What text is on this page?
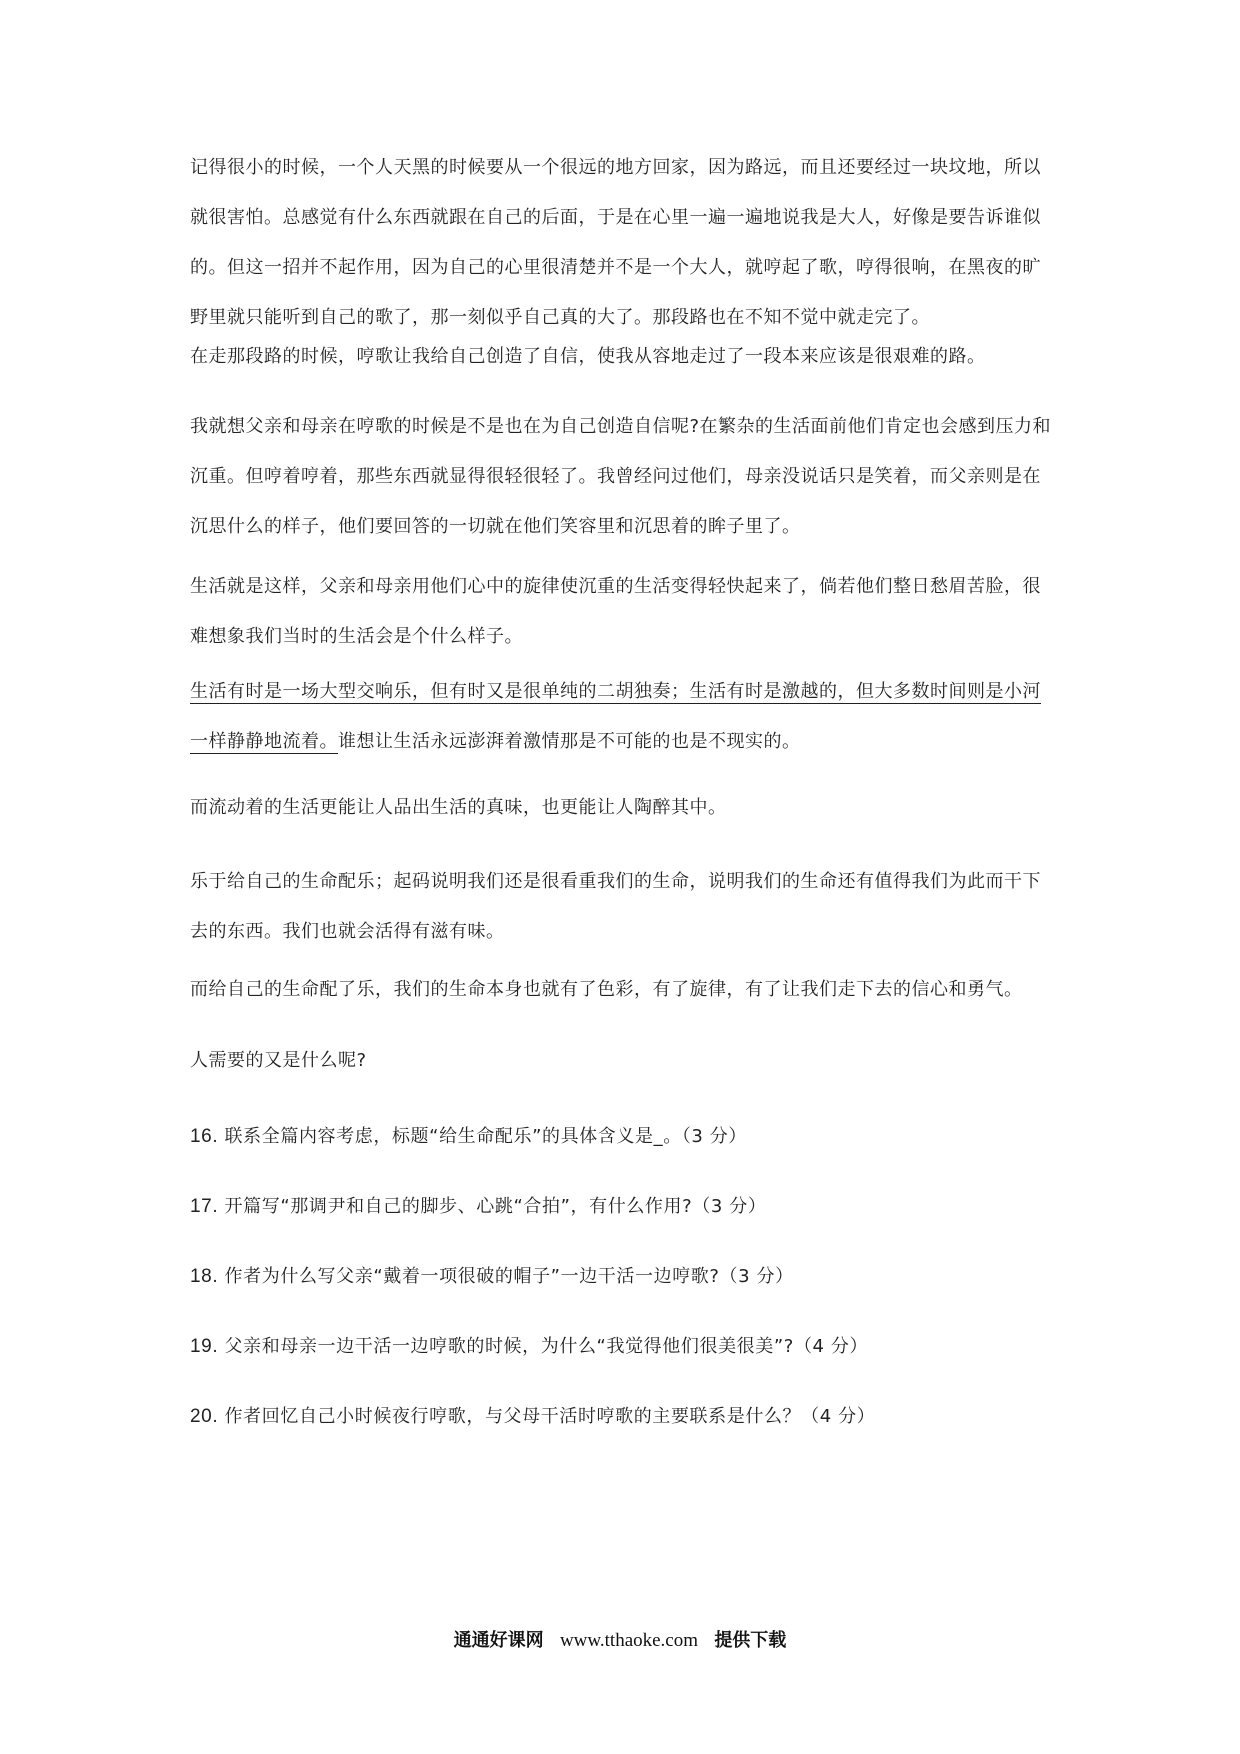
记得很小的时候，一个人天黑的时候要从一个很远的地方回家，因为路远，而且还要经过一块坟地，所以就很害怕。总感觉有什么东西就跟在自己的后面，于是在心里一遍一遍地说我是大人，好像是要告诉谁似的。但这一招并不起作用，因为自己的心里很清楚并不是一个大人，就哼起了歌，哼得很响，在黑夜的旷野里就只能听到自己的歌了，那一刻似乎自己真的大了。那段路也在不知不觉中就走完了。

在走那段路的时候，哼歌让我给自己创造了自信，使我从容地走过了一段本来应该是很艰难的路。

我就想父亲和母亲在哼歌的时候是不是也在为自己创造自信呢?在繁杂的生活面前他们肯定也会感到压力和沉重。但哼着哼着，那些东西就显得很轻很轻了。我曾经问过他们，母亲没说话只是笑着，而父亲则是在沉思什么的样子，他们要回答的一切就在他们笑容里和沉思着的眸子里了。

生活就是这样，父亲和母亲用他们心中的旋律使沉重的生活变得轻快起来了，倘若他们整日愁眉苦脸，很难想象我们当时的生活会是个什么样子。

生活有时是一场大型交响乐，但有时又是很单纯的二胡独奏；生活有时是激越的，但大多数时间则是小河一样静静地流着。谁想让生活永远澎湃着激情那是不可能的也是不现实的。

而流动着的生活更能让人品出生活的真味，也更能让人陶醉其中。

乐于给自己的生命配乐；起码说明我们还是很看重我们的生命，说明我们的生命还有值得我们为此而干下去的东西。我们也就会活得有滋有味。

而给自己的生命配了乐，我们的生命本身也就有了色彩，有了旋律，有了让我们走下去的信心和勇气。

人需要的又是什么呢?

16. 联系全篇内容考虑，标题“给生命配乐”的具体含义是_。（3 分）

17. 开篇写“那调尹和自己的脚步、心跳“合拍”，有什么作用?（3 分）

18. 作者为什么写父亲“戴着一项很破的帽子”一边干活一边哼歌?（3 分）

19. 父亲和母亲一边干活一边哼歌的时候，为什么“我觉得他们很美很美”?（4 分）

20. 作者回忆自己小时候夜行哼歌，与父母干活时哼歌的主要联系是什么？（4 分）

通通好课网 www.tthaoke.com 提供下载
